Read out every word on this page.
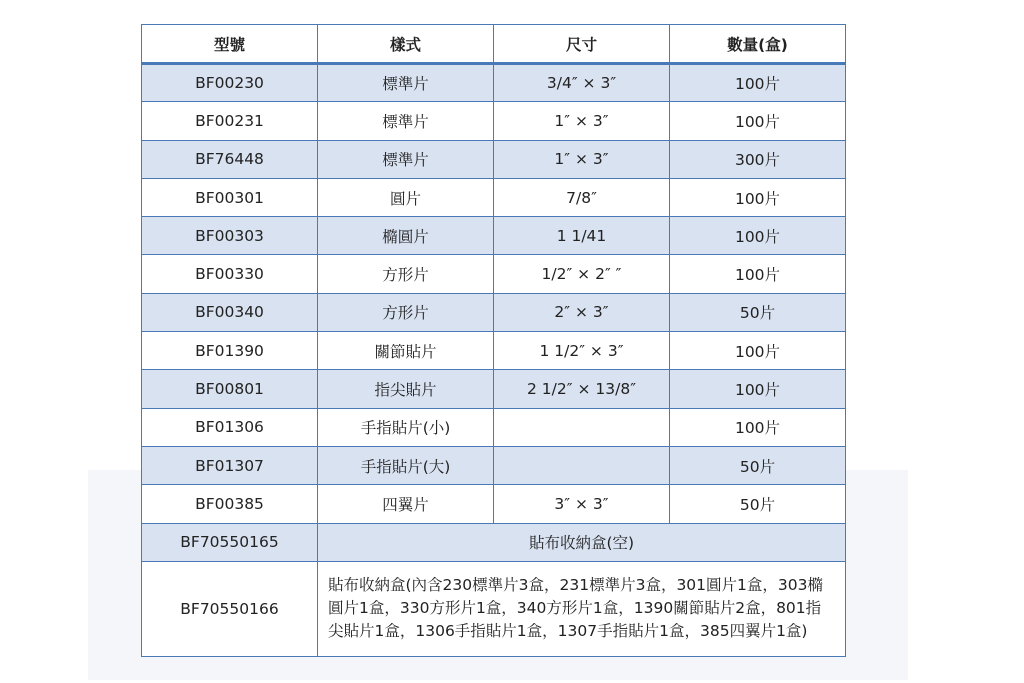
型號	樣式	尺寸	數量(盒)
BF00230	標準片	3/4″ × 3″	100片
BF00231	標準片	1″ × 3″	100片
BF76448	標準片	1″ × 3″	300片
BF00301	圓片	7/8″	100片
BF00303	橢圓片	1 1/41	100片
BF00330	方形片	1/2″ × 2″ ″	100片
BF00340	方形片	2″ × 3″	50片
BF01390	關節貼片	1 1/2″ × 3″	100片
BF00801	指尖貼片	2 1/2″ × 13/8″	100片
BF01306	手指貼片(小)		100片
BF01307	手指貼片(大)		50片
BF00385	四翼片	3″ × 3″	50片
BF70550165	貼布收納盒(空)		
BF70550166	貼布收納盒(內含230標準片3盒，231標準片3盒，301圓片1盒，303橢圓片1盒，330方形片1盒，340方形片1盒，1390關節貼片2盒，801指尖貼片1盒，1306手指貼片1盒，1307手指貼片1盒，385四翼片1盒)		
